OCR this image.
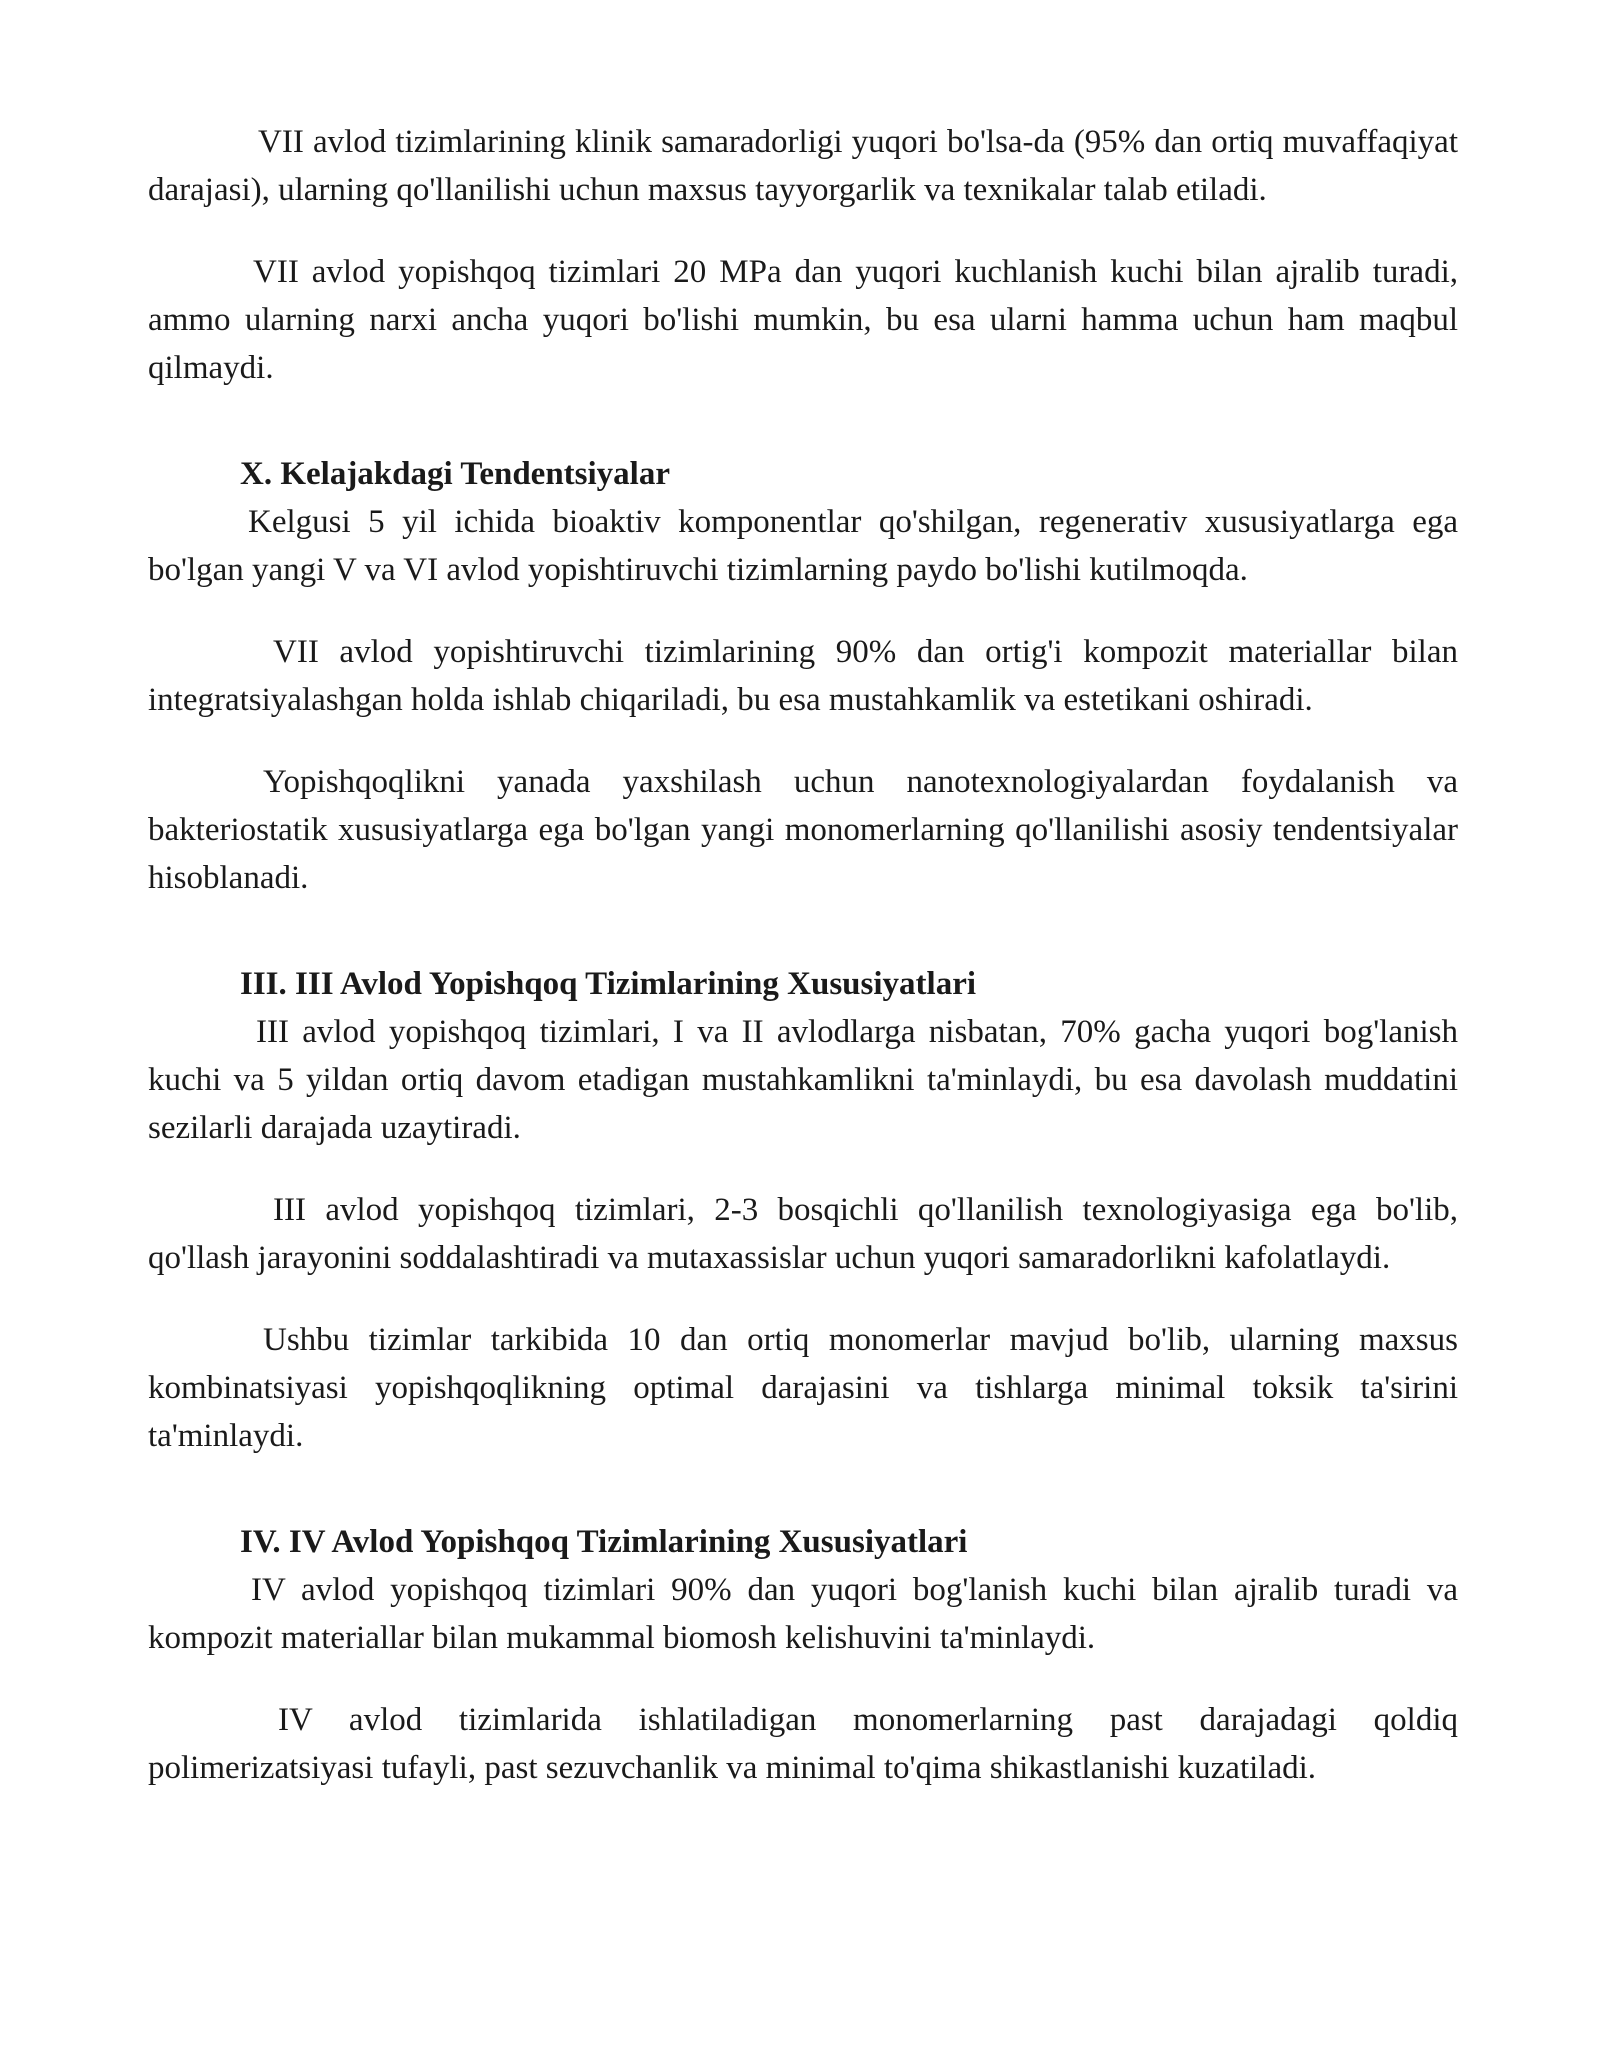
VII avlod tizimlarining klinik samaradorligi yuqori bo'lsa-da (95% dan ortiq muvaffaqiyat darajasi), ularning qo'llanilishi uchun maxsus tayyorgarlik va texnikalar talab etiladi.

VII avlod yopishqoq tizimlari 20 MPa dan yuqori kuchlanish kuchi bilan ajralib turadi, ammo ularning narxi ancha yuqori bo'lishi mumkin, bu esa ularni hamma uchun ham maqbul qilmaydi.

X. Kelajakdagi Tendentsiyalar

Kelgusi 5 yil ichida bioaktiv komponentlar qo'shilgan, regenerativ xususiyatlarga ega bo'lgan yangi V va VI avlod yopishtiruvchi tizimlarning paydo bo'lishi kutilmoqda.

VII avlod yopishtiruvchi tizimlarining 90% dan ortig'i kompozit materiallar bilan integratsiyalashgan holda ishlab chiqariladi, bu esa mustahkamlik va estetikani oshiradi.

Yopishqoqlikni yanada yaxshilash uchun nanotexnologiyalardan foydalanish va bakteriostatik xususiyatlarga ega bo'lgan yangi monomerlarning qo'llanilishi asosiy tendentsiyalar hisoblanadi.

III. III Avlod Yopishqoq Tizimlarining Xususiyatlari

III avlod yopishqoq tizimlari, I va II avlodlarga nisbatan, 70% gacha yuqori bog'lanish kuchi va 5 yildan ortiq davom etadigan mustahkamlikni ta'minlaydi, bu esa davolash muddatini sezilarli darajada uzaytiradi.

III avlod yopishqoq tizimlari, 2-3 bosqichli qo'llanilish texnologiyasiga ega bo'lib, qo'llash jarayonini soddalashtiradi va mutaxassislar uchun yuqori samaradorlikni kafolatlaydi.

Ushbu tizimlar tarkibida 10 dan ortiq monomerlar mavjud bo'lib, ularning maxsus kombinatsiyasi yopishqoqlikning optimal darajasini va tishlarga minimal toksik ta'sirini ta'minlaydi.

IV. IV Avlod Yopishqoq Tizimlarining Xususiyatlari

IV avlod yopishqoq tizimlari 90% dan yuqori bog'lanish kuchi bilan ajralib turadi va kompozit materiallar bilan mukammal biomosh kelishuvini ta'minlaydi.

IV avlod tizimlarida ishlatiladigan monomerlarning past darajadagi qoldiq polimerizatsiyasi tufayli, past sezuvchanlik va minimal to'qima shikastlanishi kuzatiladi.
